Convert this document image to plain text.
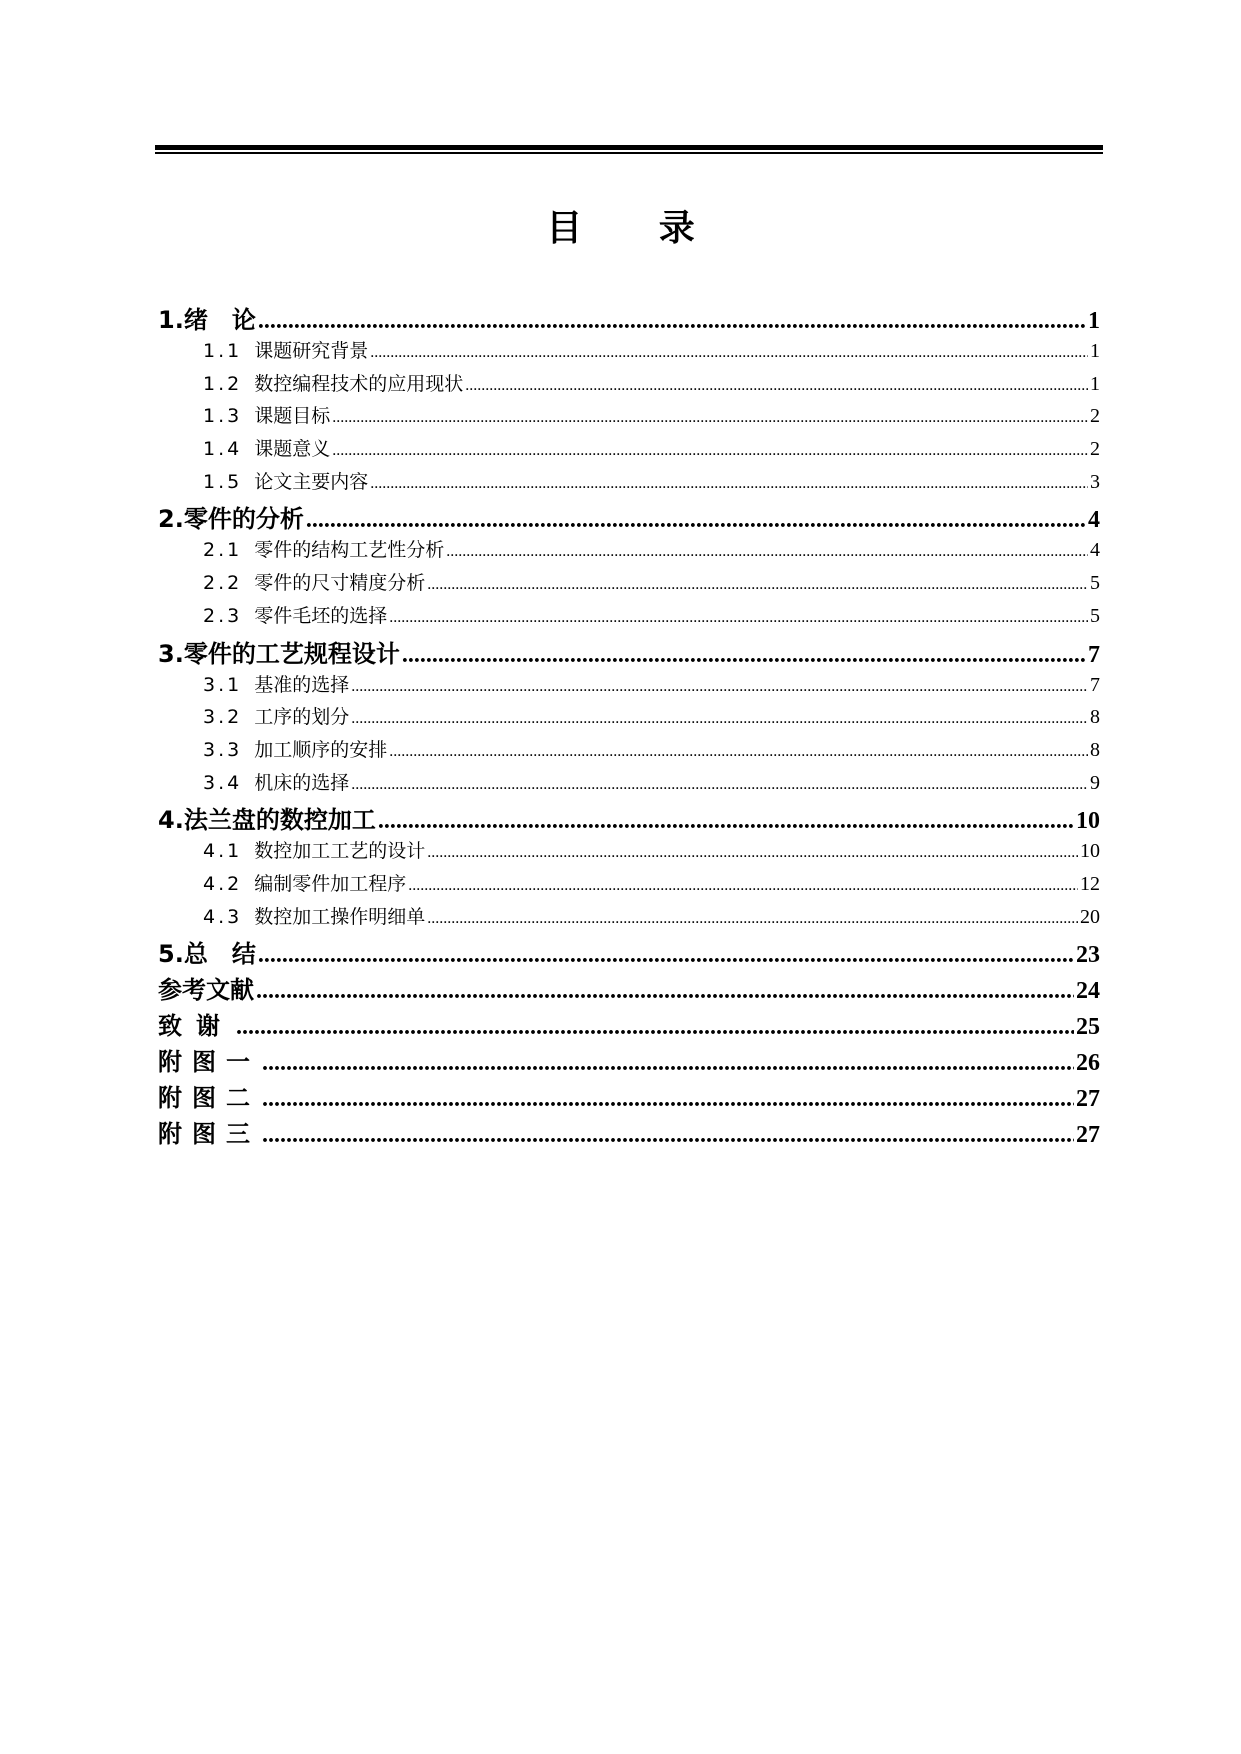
目 录
1. 绪　论 .....	1
1.1 课题研究背景 .....	1
1.2 数控编程技术的应用现状 .....	1
1.3 课题目标 .....	2
1.4 课题意义 .....	2
1.5 论文主要内容 .....	3
2. 零件的分析 .....	4
2.1 零件的结构工艺性分析 .....	4
2.2 零件的尺寸精度分析 .....	5
2.3 零件毛坯的选择 .....	5
3. 零件的工艺规程设计 .....	7
3.1 基准的选择 .....	7
3.2 工序的划分 .....	8
3.3 加工顺序的安排 .....	8
3.4 机床的选择 .....	9
4. 法兰盘的数控加工 .....	10
4.1 数控加工工艺的设计 .....	10
4.2 编制零件加工程序 .....	12
4.3 数控加工操作明细单 .....	20
5. 总　结 .....	23
参考文献 .....	24
致谢 .....	25
附图一 .....	26
附图二 .....	27
附图三 .....	27
